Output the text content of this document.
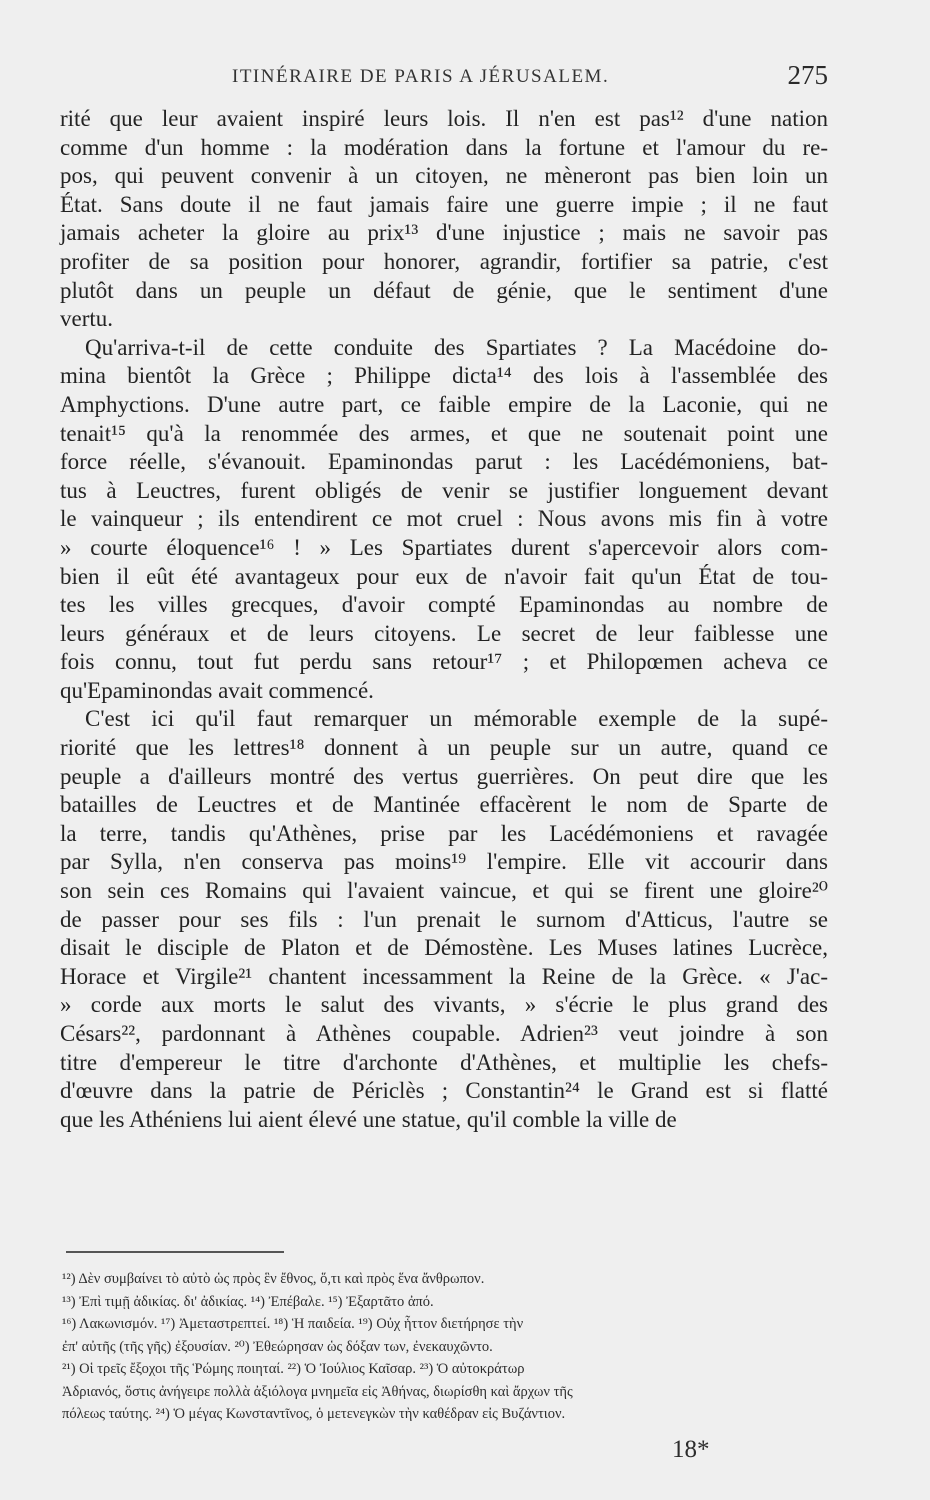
ITINÉRAIRE DE PARIS A JÉRUSALEM.	275
rité que leur avaient inspiré leurs lois. Il n'en est pas¹² d'une nation
comme d'un homme : la modération dans la fortune et l'amour du re-
pos, qui peuvent convenir à un citoyen, ne mèneront pas bien loin un
État. Sans doute il ne faut jamais faire une guerre impie ; il ne faut
jamais acheter la gloire au prix¹³ d'une injustice ; mais ne savoir pas
profiter de sa position pour honorer, agrandir, fortifier sa patrie, c'est
plutôt dans un peuple un défaut de génie, que le sentiment d'une
vertu.
Qu'arriva-t-il de cette conduite des Spartiates ? La Macédoine do-
mina bientôt la Grèce ; Philippe dicta¹⁴ des lois à l'assemblée des
Amphyctions. D'une autre part, ce faible empire de la Laconie, qui ne
tenait¹⁵ qu'à la renommée des armes, et que ne soutenait point une
force réelle, s'évanouit. Epaminondas parut : les Lacédémoniens, bat-
tus à Leuctres, furent obligés de venir se justifier longuement devant
le vainqueur ; ils entendirent ce mot cruel : Nous avons mis fin à votre
» courte éloquence¹⁶ ! » Les Spartiates durent s'apercevoir alors com-
bien il eût été avantageux pour eux de n'avoir fait qu'un État de tou-
tes les villes grecques, d'avoir compté Epaminondas au nombre de
leurs généraux et de leurs citoyens. Le secret de leur faiblesse une
fois connu, tout fut perdu sans retour¹⁷ ; et Philopœmen acheva ce
qu'Epaminondas avait commencé.
C'est ici qu'il faut remarquer un mémorable exemple de la supé-
riorité que les lettres¹⁸ donnent à un peuple sur un autre, quand ce
peuple a d'ailleurs montré des vertus guerrières. On peut dire que les
batailles de Leuctres et de Mantinée effacèrent le nom de Sparte de
la terre, tandis qu'Athènes, prise par les Lacédémoniens et ravagée
par Sylla, n'en conserva pas moins¹⁹ l'empire. Elle vit accourir dans
son sein ces Romains qui l'avaient vaincue, et qui se firent une gloire²⁰
de passer pour ses fils : l'un prenait le surnom d'Atticus, l'autre se
disait le disciple de Platon et de Démostène. Les Muses latines Lucrèce,
Horace et Virgile²¹ chantent incessamment la Reine de la Grèce. « J'ac-
» corde aux morts le salut des vivants, » s'écrie le plus grand des
Césars²², pardonnant à Athènes coupable. Adrien²³ veut joindre à son
titre d'empereur le titre d'archonte d'Athènes, et multiplie les chefs-
d'œuvre dans la patrie de Périclès ; Constantin²⁴ le Grand est si flatté
que les Athéniens lui aient élevé une statue, qu'il comble la ville de
¹²) Δὲν συμβαίνει τὸ αὐτὸ ὡς πρὸς ἓν ἔθνος, ὅ,τι καὶ πρὸς ἕνα ἄνθρωπον.
¹³) Ἐπὶ τιμῇ ἀδικίας. δι' ἀδικίας. ¹⁴) Ἐπέβαλε. ¹⁵) Ἐξαρτᾶτο ἀπό.
¹⁶) Λακωνισμόν. ¹⁷) Ἀμεταστρεπτεί. ¹⁸) Ἡ παιδεία. ¹⁹) Οὐχ ἧττον διετήρησε τὴν
ἐπ' αὐτῆς (τῆς γῆς) ἐξουσίαν. ²⁰) Ἐθεώρησαν ὡς δόξαν των, ἐνεκαυχῶντο.
²¹) Οἱ τρεῖς ἔξοχοι τῆς Ῥώμης ποιηταί. ²²) Ὁ Ἰούλιος Καῖσαρ. ²³) Ὁ αὐτοκράτωρ
Ἀδριανός, ὅστις ἀνήγειρε πολλὰ ἀξιόλογα μνημεῖα εἰς Ἀθήνας, διωρίσθη καὶ ἄρχων τῆς
πόλεως ταύτης. ²⁴) Ὁ μέγας Κωνσταντῖνος, ὁ μετενεγκὼν τὴν καθέδραν εἰς Βυζάντιον.
18*
